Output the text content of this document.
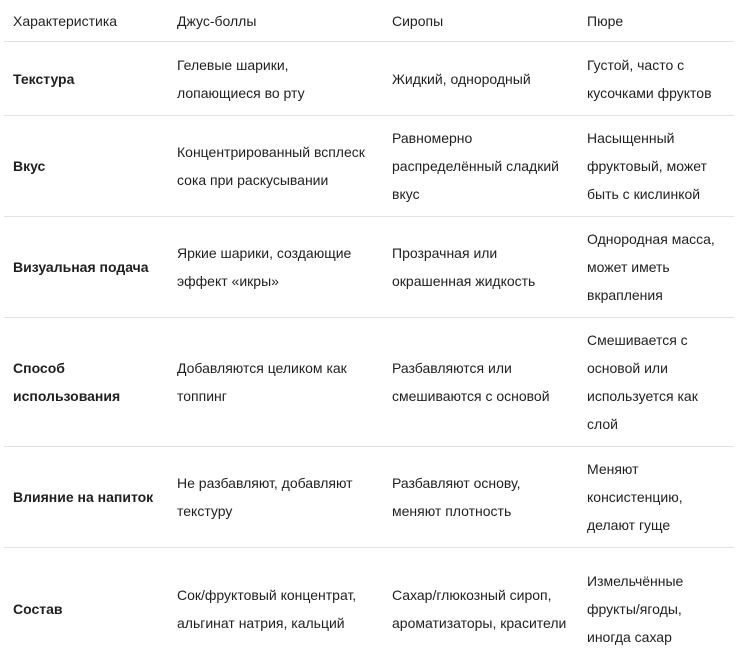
Характеристика	Джус-боллы	Сиропы	Пюре
Текстура	Гелевые шарики, лопающиеся во рту	Жидкий, однородный	Густой, часто с кусочками фруктов
Вкус	Концентрированный всплеск сока при раскусывании	Равномерно распределённый сладкий вкус	Насыщенный фруктовый, может быть с кислинкой
Визуальная подача	Яркие шарики, создающие эффект «икры»	Прозрачная или окрашенная жидкость	Однородная масса, может иметь вкрапления
Способ использования	Добавляются целиком как топпинг	Разбавляются или смешиваются с основой	Смешивается с основой или используется как слой
Влияние на напиток	Не разбавляют, добавляют текстуру	Разбавляют основу, меняют плотность	Меняют консистенцию, делают гуще
Состав	Сок/фруктовый концентрат, альгинат натрия, кальций	Сахар/глюкозный сироп, ароматизаторы, красители	Измельчённые фрукты/ягоды, иногда сахар
